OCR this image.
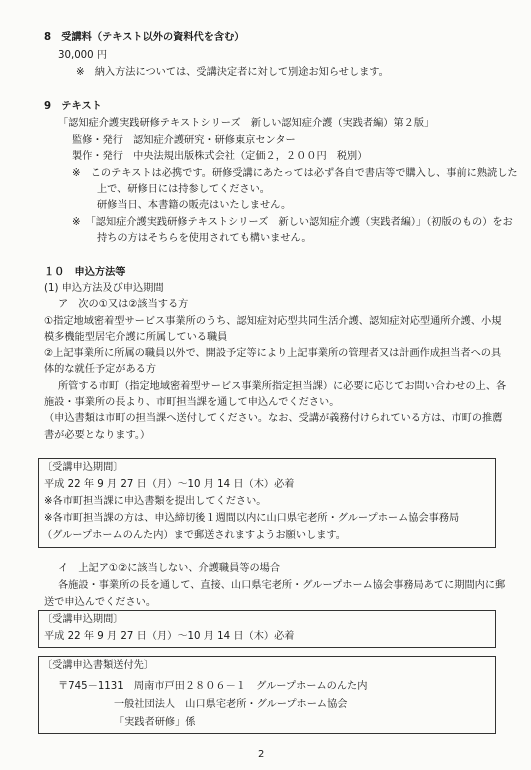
8　受講料（テキスト以外の資料代を含む）
30,000 円
※　納入方法については、受講決定者に対して別途お知らせします。
9　テキスト
「認知症介護実践研修テキストシリーズ　新しい認知症介護（実践者編）第２版」
監修・発行　認知症介護研究・研修東京センター
製作・発行　中央法規出版株式会社（定価２，２００円　税別）
※　このテキストは必携です。研修受講にあたっては必ず各自で書店等で購入し、事前に熟読した
上で、研修日には持参してください。
研修当日、本書籍の販売はいたしません。
※　「認知症介護実践研修テキストシリーズ　新しい認知症介護（実践者編）」（初版のもの）をお
持ちの方はそちらを使用されても構いません。
１０　申込方法等
(1) 申込方法及び申込期間
ア　次の①又は②該当する方
①指定地域密着型サービス事業所のうち、認知症対応型共同生活介護、認知症対応型通所介護、小規
模多機能型居宅介護に所属している職員
②上記事業所に所属の職員以外で、開設予定等により上記事業所の管理者又は計画作成担当者への具
体的な就任予定がある方
所管する市町（指定地域密着型サービス事業所指定担当課）に必要に応じてお問い合わせの上、各
施設・事業所の長より、市町担当課を通して申込んでください。
（申込書類は市町の担当課へ送付してください。なお、受講が義務付けられている方は、市町の推薦
書が必要となります。）
〔受講申込期間〕
平成 22 年 9 月 27 日（月）～10 月 14 日（木）必着
※各市町担当課に申込書類を提出してください。
※各市町担当課の方は、申込締切後１週間以内に山口県宅老所・グループホーム協会事務局
（グループホームのんた内）まで郵送されますようお願いします。
イ　上記ア①②に該当しない、介護職員等の場合
各施設・事業所の長を通して、直接、山口県宅老所・グループホーム協会事務局あてに期間内に郵
送で申込んでください。
〔受講申込期間〕
平成 22 年 9 月 27 日（月）～10 月 14 日（木）必着
〔受講申込書類送付先〕
〒745－1131　周南市戸田２８０６－１　グループホームのんた内
一般社団法人　山口県宅老所・グループホーム協会
「実践者研修」係
2
